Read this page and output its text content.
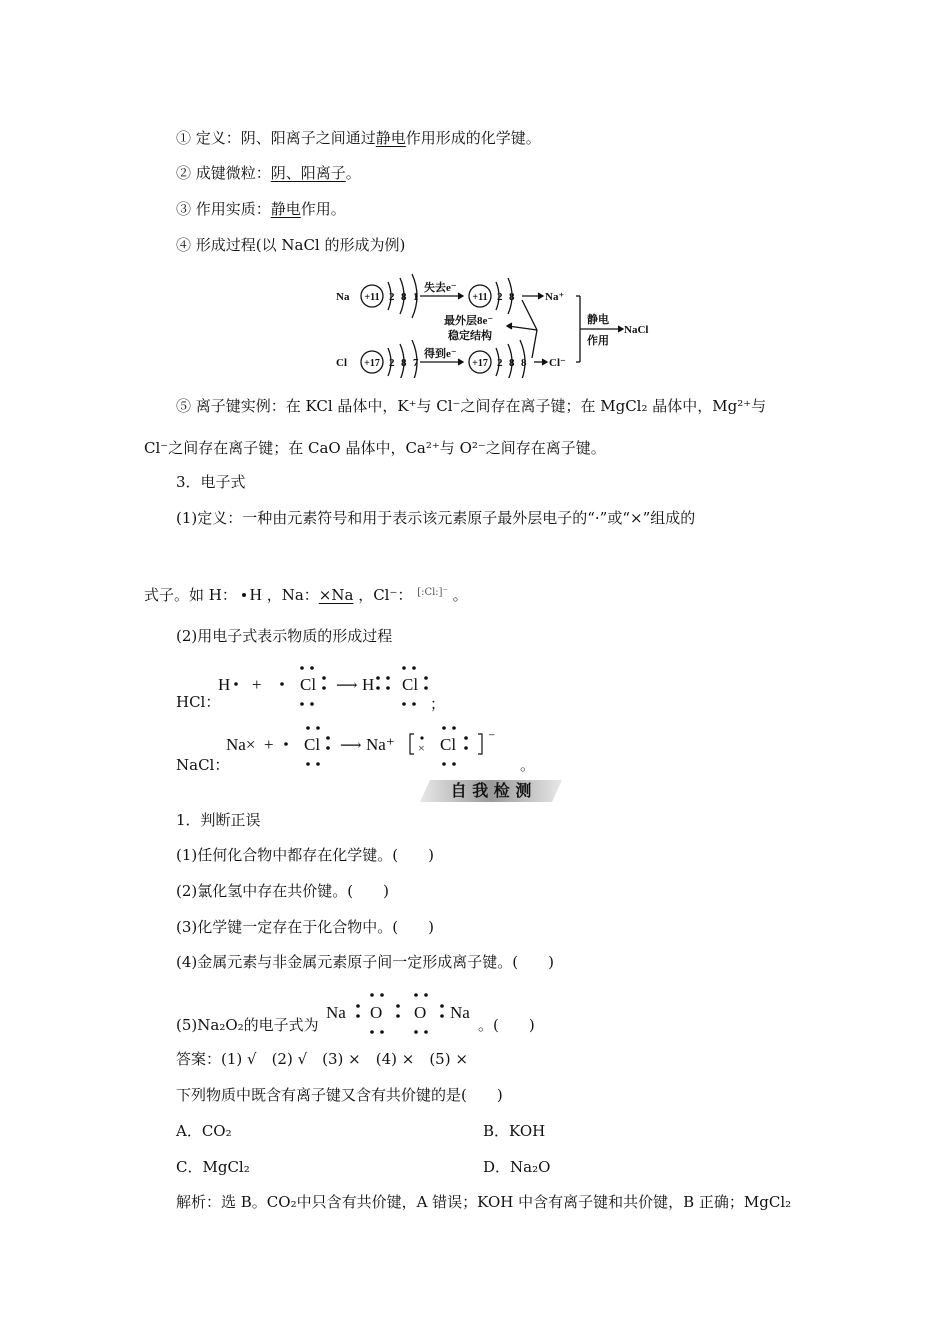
① 定义：阴、阳离子之间通过静电作用形成的化学键。
② 成键微粒：阴、阳离子。
③ 作用实质：静电作用。
④ 形成过程(以 NaCl 的形成为例)
Na +11 2 8 1
失去e⁻
+11 2 8	Na⁺
最外层8e⁻
稳定结构
Cl +17 2 8 7
得到e⁻
+17 2 8 8 Cl⁻
静电
作用
NaCl
⑤ 离子键实例：在 KCl 晶体中，K⁺与 Cl⁻之间存在离子键；在 MgCl₂ 晶体中，Mg²⁺与
Cl⁻之间存在离子键；在 CaO 晶体中，Ca²⁺与 O²⁻之间存在离子键。
3．电子式
(1)定义：一种由元素符号和用于表示该元素原子最外层电子的“·”或“×”组成的
式子。如 H： H ，Na：×Na ，Cl⁻： $^{[:Cl:]^-}$ 。
(2)用电子式表示物质的形成过程
HCl：
H + Cl ⟶ H Cl
；
NaCl：
Na× + Cl ⟶ Na⁺	Cl ⁻
×
。
自 我 检 测
1．判断正误
(1)任何化合物中都存在化学键。(　　)
(2)氯化氢中存在共价键。(　　)
(3)化学键一定存在于化合物中。(　　)
(4)金属元素与非金属元素原子间一定形成离子键。(　　)
(5)Na₂O₂的电子式为
Na O O Na
。(　　)
答案：(1) √　(2) √　(3) ×　(4) ×　(5) ×
下列物质中既含有离子键又含有共价键的是(　　)
A．CO₂	B．KOH
C．MgCl₂	D．Na₂O
解析：选 B。CO₂中只含有共价键，A 错误；KOH 中含有离子键和共价键，B 正确；MgCl₂
